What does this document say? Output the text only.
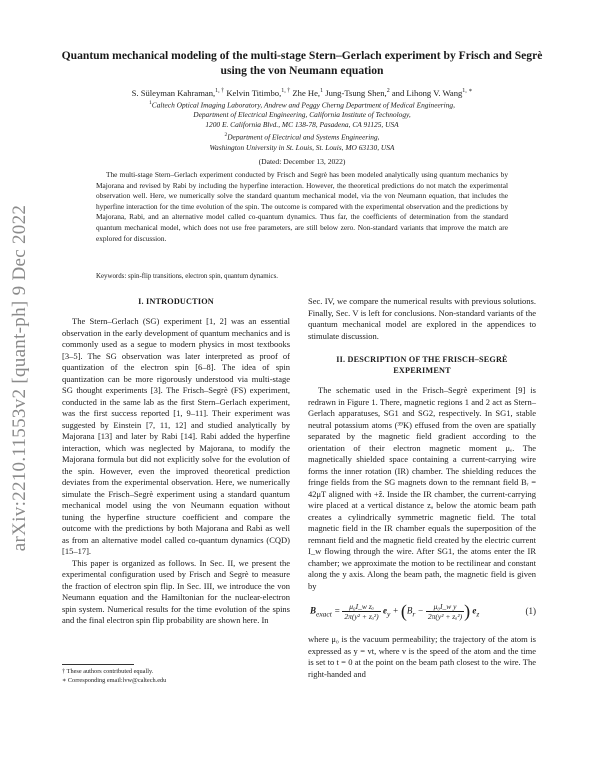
arXiv:2210.11553v2 [quant-ph] 9 Dec 2022
Quantum mechanical modeling of the multi-stage Stern–Gerlach experiment by Frisch and Segrè using the von Neumann equation
S. Süleyman Kahraman,$^{1, \dagger}$ Kelvin Titimbo,$^{1, \dagger}$ Zhe He,$^1$ Jung-Tsung Shen,$^2$ and Lihong V. Wang$^{1, ∗}$
$^1$Caltech Optical Imaging Laboratory, Andrew and Peggy Cherng Department of Medical Engineering,
Department of Electrical Engineering, California Institute of Technology,
1200 E. California Blvd., MC 138-78, Pasadena, CA 91125, USA
$^2$Department of Electrical and Systems Engineering,
Washington University in St. Louis, St. Louis, MO 63130, USA
(Dated: December 13, 2022)

The multi-stage Stern–Gerlach experiment conducted by Frisch and Segrè has been modeled analytically using quantum mechanics by Majorana and revised by Rabi by including the hyperfine interaction. However, the theoretical predictions do not match the experimental observation well. Here, we numerically solve the standard quantum mechanical model, via the von Neumann equation, that includes the hyperfine interaction for the time evolution of the spin. The outcome is compared with the experimental observation and the predictions by Majorana, Rabi, and an alternative model called co-quantum dynamics. Thus far, the coefficients of determination from the standard quantum mechanical model, which does not use free parameters, are still below zero. Non-standard variants that improve the match are explored for discussion.

Keywords: spin-flip transitions, electron spin, quantum dynamics.

I. INTRODUCTION

The Stern–Gerlach (SG) experiment [1, 2] was an essential observation in the early development of quantum mechanics and is commonly used as a segue to modern physics in most textbooks [3–5]. The SG observation was later interpreted as proof of quantization of the electron spin [6–8]. The idea of spin quantization can be more rigorously understood via multi-stage SG thought experiments [3]. The Frisch–Segrè (FS) experiment, conducted in the same lab as the first Stern–Gerlach experiment, was the first success reported [1, 9–11]. Their experiment was suggested by Einstein [7, 11, 12] and studied analytically by Majorana [13] and later by Rabi [14]. Rabi added the hyperfine interaction, which was neglected by Majorana, to modify the Majorana formula but did not explicitly solve for the evolution of the spin. However, even the improved theoretical prediction deviates from the experimental observation. Here, we numerically simulate the Frisch–Segrè experiment using a standard quantum mechanical model using the von Neumann equation without tuning the hyperfine structure coefficient and compare the outcome with the predictions by both Majorana and Rabi as well as from an alternative model called co-quantum dynamics (CQD) [15–17].

This paper is organized as follows. In Sec. II, we present the experimental configuration used by Frisch and Segrè to measure the fraction of electron spin flip. In Sec. III, we introduce the von Neumann equation and the Hamiltonian for the nuclear-electron spin system. Numerical results for the time evolution of the spins and the final electron spin flip probability are shown here. In

Sec. IV, we compare the numerical results with previous solutions. Finally, Sec. V is left for conclusions. Non-standard variants of the quantum mechanical model are explored in the appendices to stimulate discussion.

II. DESCRIPTION OF THE FRISCH–SEGRÈ
EXPERIMENT

The schematic used in the Frisch–Segrè experiment [9] is redrawn in Figure 1. There, magnetic regions 1 and 2 act as Stern–Gerlach apparatuses, SG1 and SG2, respectively. In SG1, stable neutral potassium atoms (³⁹K) effused from the oven are spatially separated by the magnetic field gradient according to the orientation of their electron magnetic moment μₑ. The magnetically shielded space containing a current-carrying wire forms the inner rotation (IR) chamber. The shielding reduces the fringe fields from the SG magnets down to the remnant field Bᵣ = 42μT aligned with +ẑ. Inside the IR chamber, the current-carrying wire placed at a vertical distance zₐ below the atomic beam path creates a cylindrically symmetric magnetic field. The total magnetic field in the IR chamber equals the superposition of the remnant field and the magnetic field created by the electric current I_w flowing through the wire. After SG1, the atoms enter the IR chamber; we approximate the motion to be rectilinear and constant along the y axis. Along the beam path, the magnetic field is given by

$B_{exact} = \frac{\text{μ₀I\_w zₐ}}{\text{2π(y² + zₐ²)}} e_y + (B_r - \frac{\text{μ₀I\_w y}}{\text{2π(y² + zₐ²)}}$ ) $e_z$	(1)

where μ₀ is the vacuum permeability; the trajectory of the atom is expressed as y = vt, where v is the speed of the atom and the time is set to t = 0 at the point on the beam path closest to the wire. The right-handed and

† These authors contributed equally.
∗ Corresponding email:lvw@caltech.edu
